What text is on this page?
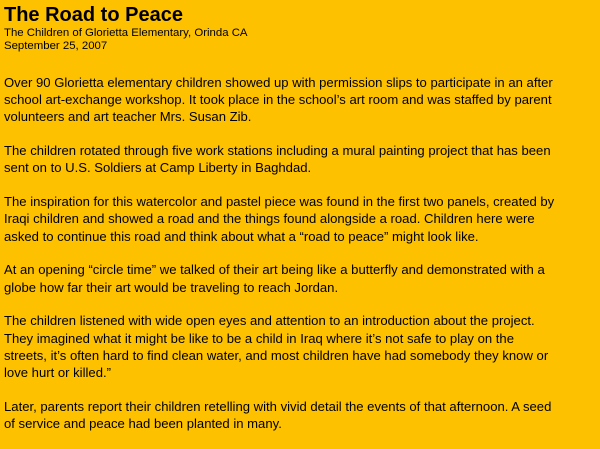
The Road to Peace
The Children of Glorietta Elementary, Orinda CA
September 25, 2007

Over 90 Glorietta elementary children showed up with permission slips to participate in an after
school art-exchange workshop. It took place in the school’s art room and was staffed by parent
volunteers and art teacher Mrs. Susan Zib.

The children rotated through five work stations including a mural painting project that has been
sent on to U.S. Soldiers at Camp Liberty in Baghdad.

The inspiration for this watercolor and pastel piece was found in the first two panels, created by
Iraqi children and showed a road and the things found alongside a road. Children here were
asked to continue this road and think about what a “road to peace” might look like.

At an opening “circle time” we talked of their art being like a butterfly and demonstrated with a
globe how far their art would be traveling to reach Jordan.

The children listened with wide open eyes and attention to an introduction about the project.
They imagined what it might be like to be a child in Iraq where it’s not safe to play on the
streets, it’s often hard to find clean water, and most children have had somebody they know or
love hurt or killed.”

Later, parents report their children retelling with vivid detail the events of that afternoon. A seed
of service and peace had been planted in many.
